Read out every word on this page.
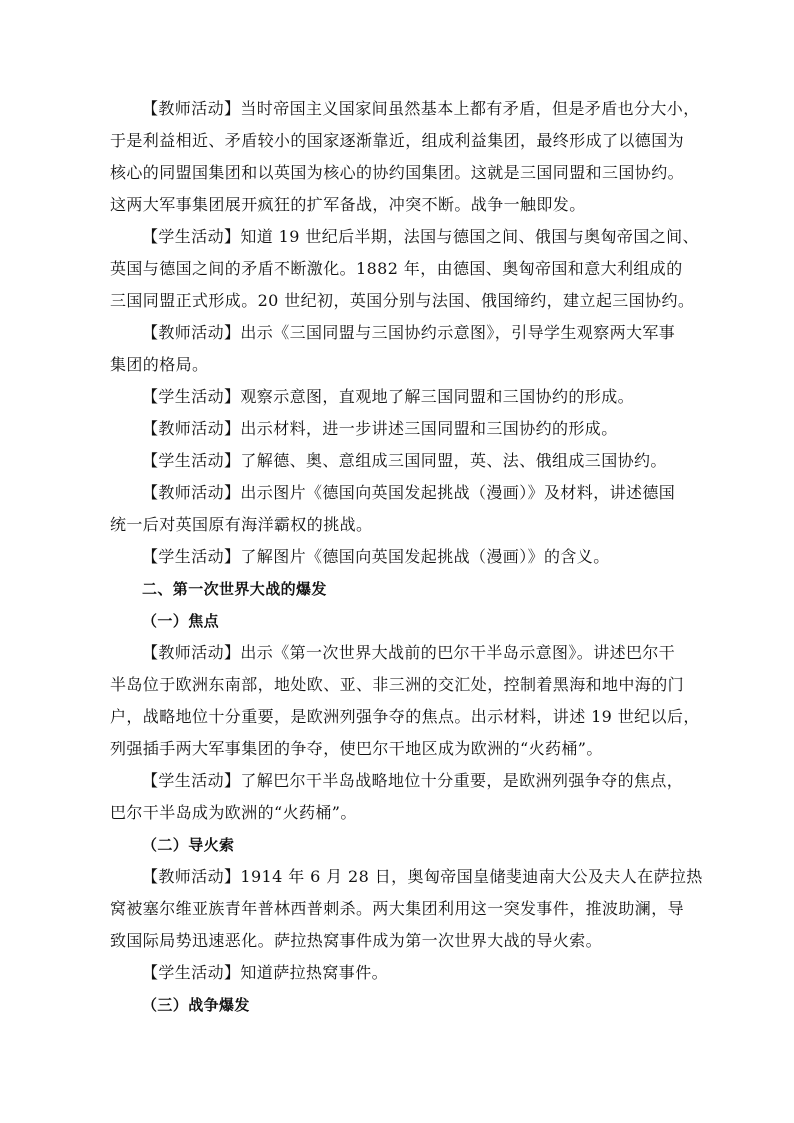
【教师活动】当时帝国主义国家间虽然基本上都有矛盾，但是矛盾也分大小，
于是利益相近、矛盾较小的国家逐渐靠近，组成利益集团，最终形成了以德国为
核心的同盟国集团和以英国为核心的协约国集团。这就是三国同盟和三国协约。
这两大军事集团展开疯狂的扩军备战，冲突不断。战争一触即发。
【学生活动】知道 19 世纪后半期，法国与德国之间、俄国与奥匈帝国之间、
英国与德国之间的矛盾不断激化。1882 年，由德国、奥匈帝国和意大利组成的
三国同盟正式形成。20 世纪初，英国分别与法国、俄国缔约，建立起三国协约。
【教师活动】出示《三国同盟与三国协约示意图》，引导学生观察两大军事
集团的格局。
【学生活动】观察示意图，直观地了解三国同盟和三国协约的形成。
【教师活动】出示材料，进一步讲述三国同盟和三国协约的形成。
【学生活动】了解德、奥、意组成三国同盟，英、法、俄组成三国协约。
【教师活动】出示图片《德国向英国发起挑战（漫画）》及材料，讲述德国
统一后对英国原有海洋霸权的挑战。
【学生活动】了解图片《德国向英国发起挑战（漫画）》的含义。
二、第一次世界大战的爆发
（一）焦点
【教师活动】出示《第一次世界大战前的巴尔干半岛示意图》。讲述巴尔干
半岛位于欧洲东南部，地处欧、亚、非三洲的交汇处，控制着黑海和地中海的门
户，战略地位十分重要，是欧洲列强争夺的焦点。出示材料，讲述 19 世纪以后，
列强插手两大军事集团的争夺，使巴尔干地区成为欧洲的“火药桶”。
【学生活动】了解巴尔干半岛战略地位十分重要，是欧洲列强争夺的焦点，
巴尔干半岛成为欧洲的“火药桶”。
（二）导火索
【教师活动】1914 年 6 月 28 日，奥匈帝国皇储斐迪南大公及夫人在萨拉热
窝被塞尔维亚族青年普林西普刺杀。两大集团利用这一突发事件，推波助澜，导
致国际局势迅速恶化。萨拉热窝事件成为第一次世界大战的导火索。
【学生活动】知道萨拉热窝事件。
（三）战争爆发
